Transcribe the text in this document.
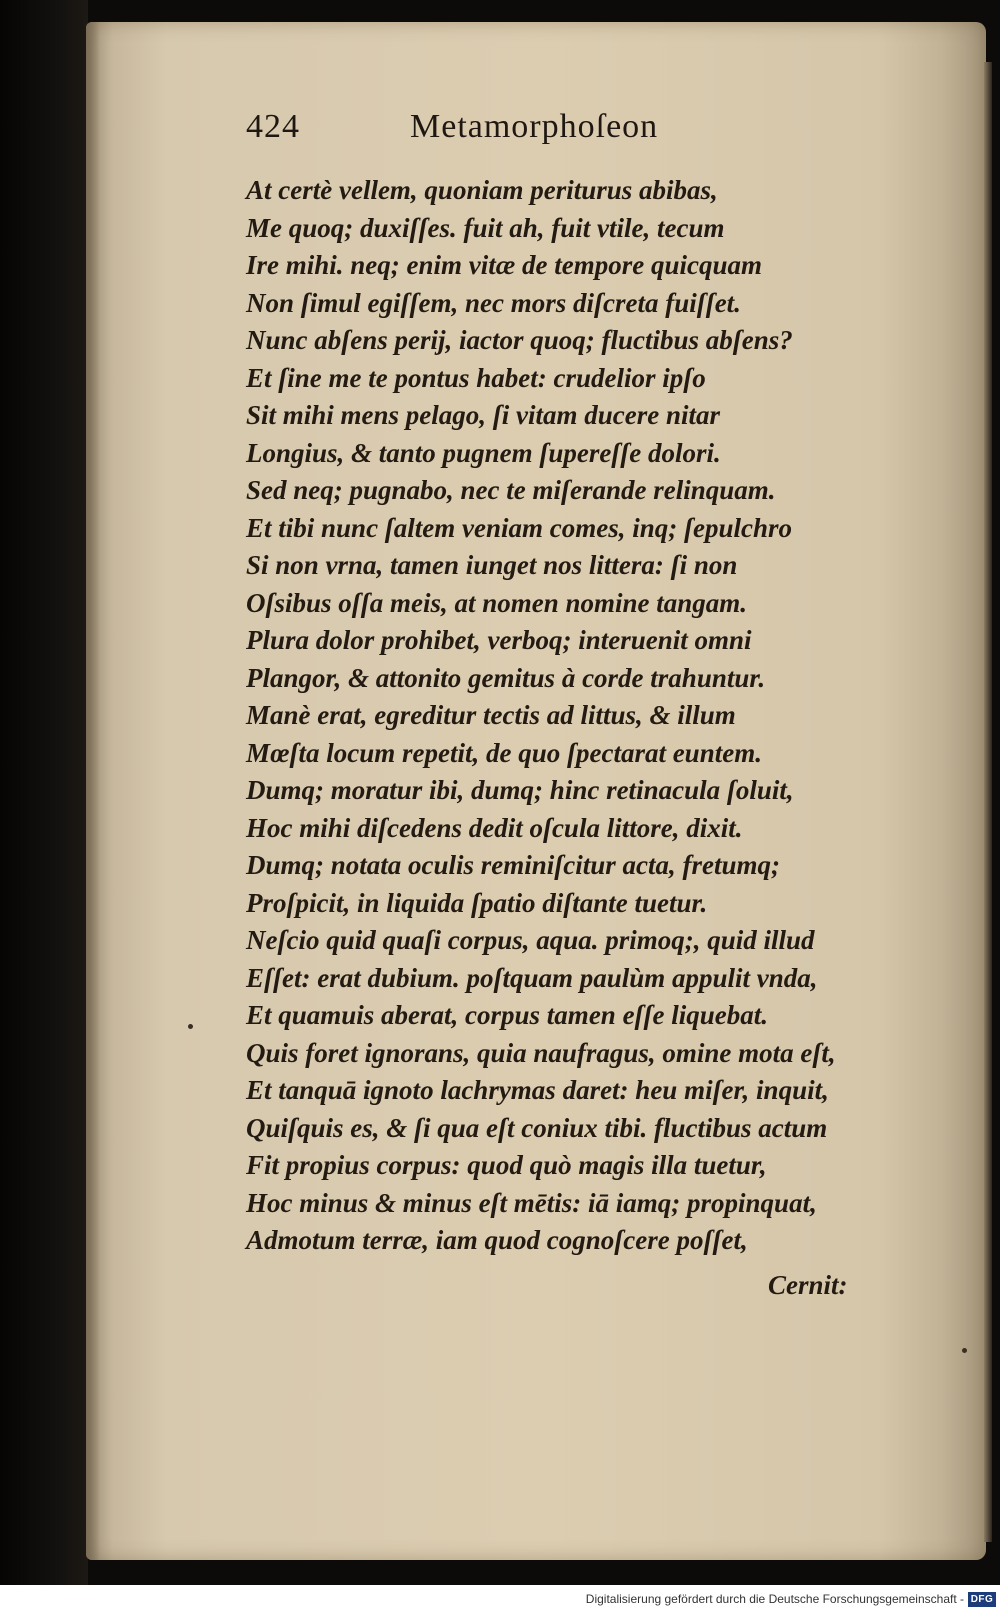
424	Metamorphoſeon
At certè vellem, quoniam periturus abibas,
Me quoq; duxiſſes. fuit ah, fuit vtile, tecum
Ire mihi. neq; enim vitæ de tempore quicquam
Non ſimul egiſſem, nec mors diſcreta fuiſſet.
Nunc abſens perij, iactor quoq; fluctibus abſens?
Et ſine me te pontus habet: crudelior ipſo
Sit mihi mens pelago, ſi vitam ducere nitar
Longius, & tanto pugnem ſupereſſe dolori.
Sed neq; pugnabo, nec te miſerande relinquam.
Et tibi nunc ſaltem veniam comes, inq; ſepulchro
Si non vrna, tamen iunget nos littera: ſi non
Oſsibus oſſa meis, at nomen nomine tangam.
Plura dolor prohibet, verboq; interuenit omni
Plangor, & attonito gemitus à corde trahuntur.
Manè erat, egreditur tectis ad littus, & illum
Mœſta locum repetit, de quo ſpectarat euntem.
Dumq; moratur ibi, dumq; hinc retinacula ſoluit,
Hoc mihi diſcedens dedit oſcula littore, dixit.
Dumq; notata oculis reminiſcitur acta, fretumq;
Proſpicit, in liquida ſpatio diſtante tuetur.
Neſcio quid quaſi corpus, aqua. primoq;, quid illud
Eſſet: erat dubium. poſtquam paulùm appulit vnda,
Et quamuis aberat, corpus tamen eſſe liquebat.
Quis foret ignorans, quia naufragus, omine mota eſt,
Et tanquā ignoto lachrymas daret: heu miſer, inquit,
Quiſquis es, & ſi qua eſt coniux tibi. fluctibus actum
Fit propius corpus: quod quò magis illa tuetur,
Hoc minus & minus eſt mētis: iā iamq; propinquat,
Admotum terræ, iam quod cognoſcere poſſet,
Cernit:
Digitalisierung gefördert durch die Deutsche Forschungsgemeinschaft - DFG
